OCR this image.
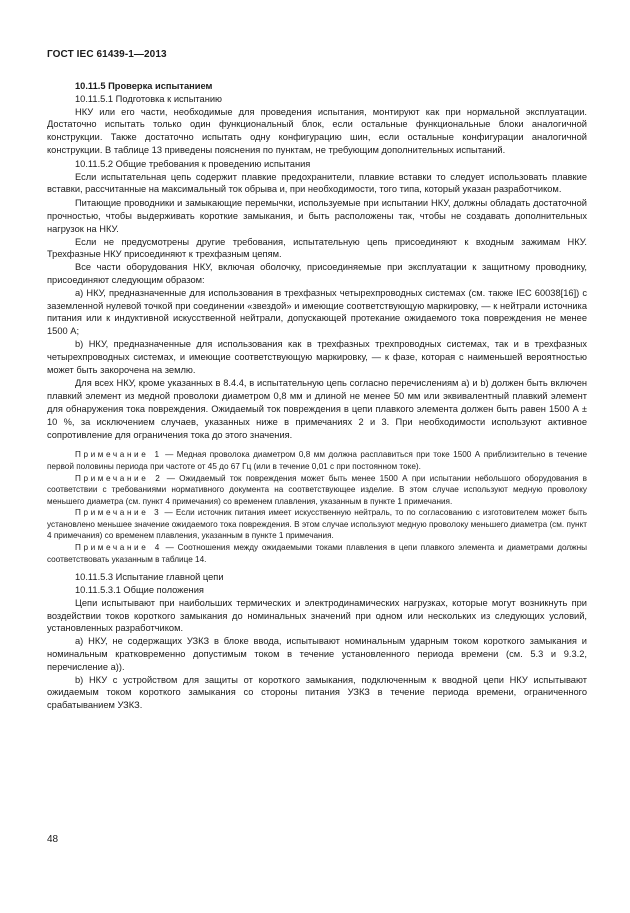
ГОСТ IEC 61439-1—2013

10.11.5 Проверка испытанием

10.11.5.1 Подготовка к испытанию

НКУ или его части, необходимые для проведения испытания, монтируют как при нормальной эксплуатации. Достаточно испытать только один функциональный блок, если остальные функциональные блоки аналогичной конструкции. Также достаточно испытать одну конфигурацию шин, если остальные конфигурации аналогичной конструкции. В таблице 13 приведены пояснения по пунктам, не требующим дополнительных испытаний.

10.11.5.2 Общие требования к проведению испытания

Если испытательная цепь содержит плавкие предохранители, плавкие вставки то следует использовать плавкие вставки, рассчитанные на максимальный ток обрыва и, при необходимости, того типа, который указан разработчиком.

Питающие проводники и замыкающие перемычки, используемые при испытании НКУ, должны обладать достаточной прочностью, чтобы выдерживать короткие замыкания, и быть расположены так, чтобы не создавать дополнительных нагрузок на НКУ.

Если не предусмотрены другие требования, испытательную цепь присоединяют к входным зажимам НКУ. Трехфазные НКУ присоединяют к трехфазным цепям.

Все части оборудования НКУ, включая оболочку, присоединяемые при эксплуатации к защитному проводнику, присоединяют следующим образом:

a) НКУ, предназначенные для использования в трехфазных четырехпроводных системах (см. также IEC 60038[16]) с заземленной нулевой точкой при соединении «звездой» и имеющие соответствующую маркировку, — к нейтрали источника питания или к индуктивной искусственной нейтрали, допускающей протекание ожидаемого тока повреждения не менее 1500 А;

b) НКУ, предназначенные для использования как в трехфазных трехпроводных системах, так и в трехфазных четырехпроводных системах, и имеющие соответствующую маркировку, — к фазе, которая с наименьшей вероятностью может быть закорочена на землю.

Для всех НКУ, кроме указанных в 8.4.4, в испытательную цепь согласно перечислениям а) и b) должен быть включен плавкий элемент из медной проволоки диаметром 0,8 мм и длиной не менее 50 мм или эквивалентный плавкий элемент для обнаружения тока повреждения. Ожидаемый ток повреждения в цепи плавкого элемента должен быть равен 1500 А ± 10 %, за исключением случаев, указанных ниже в примечаниях 2 и 3. При необходимости используют активное сопротивление для ограничения тока до этого значения.

Примечание 1 — Медная проволока диаметром 0,8 мм должна расплавиться при токе 1500 А приблизительно в течение первой половины периода при частоте от 45 до 67 Гц (или в течение 0,01 с при постоянном токе).

Примечание 2 — Ожидаемый ток повреждения может быть менее 1500 А при испытании небольшого оборудования в соответствии с требованиями нормативного документа на соответствующее изделие. В этом случае используют медную проволоку меньшего диаметра (см. пункт 4 примечания) со временем плавления, указанным в пункте 1 примечания.

Примечание 3 — Если источник питания имеет искусственную нейтраль, то по согласованию с изготовителем может быть установлено меньшее значение ожидаемого тока повреждения. В этом случае используют медную проволоку меньшего диаметра (см. пункт 4 примечания) со временем плавления, указанным в пункте 1 примечания.

Примечание 4 — Соотношения между ожидаемыми токами плавления в цепи плавкого элемента и диаметрами должны соответствовать указанным в таблице 14.

10.11.5.3 Испытание главной цепи

10.11.5.3.1 Общие положения

Цепи испытывают при наибольших термических и электродинамических нагрузках, которые могут возникнуть при воздействии токов короткого замыкания до номинальных значений при одном или нескольких из следующих условий, установленных разработчиком.

a) НКУ, не содержащих УЗКЗ в блоке ввода, испытывают номинальным ударным током короткого замыкания и номинальным кратковременно допустимым током в течение установленного периода времени (см. 5.3 и 9.3.2, перечисление а)).

b) НКУ с устройством для защиты от короткого замыкания, подключенным к вводной цепи НКУ испытывают ожидаемым током короткого замыкания со стороны питания УЗКЗ в течение периода времени, ограниченного срабатыванием УЗКЗ.

48
